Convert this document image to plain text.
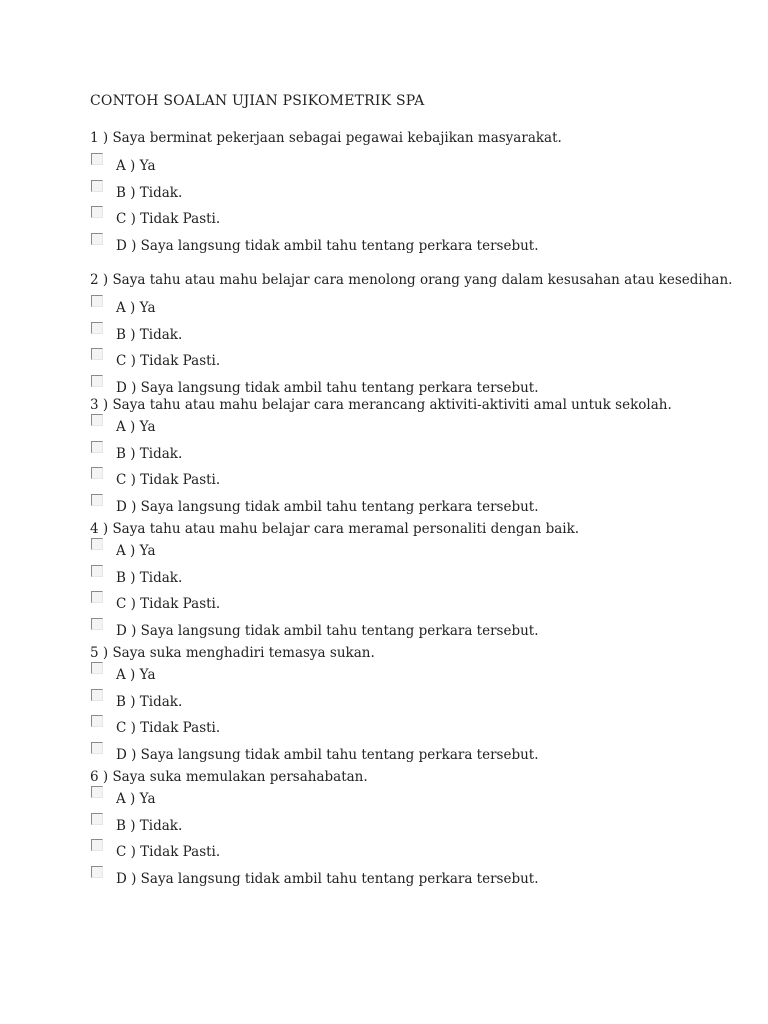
CONTOH SOALAN UJIAN PSIKOMETRIK SPA
1 ) Saya berminat pekerjaan sebagai pegawai kebajikan masyarakat.
A ) Ya
B ) Tidak.
C ) Tidak Pasti.
D ) Saya langsung tidak ambil tahu tentang perkara tersebut.
2 ) Saya tahu atau mahu belajar cara menolong orang yang dalam kesusahan atau kesedihan.
A ) Ya
B ) Tidak.
C ) Tidak Pasti.
D ) Saya langsung tidak ambil tahu tentang perkara tersebut.
3 ) Saya tahu atau mahu belajar cara merancang aktiviti-aktiviti amal untuk sekolah.
A ) Ya
B ) Tidak.
C ) Tidak Pasti.
D ) Saya langsung tidak ambil tahu tentang perkara tersebut.
4 ) Saya tahu atau mahu belajar cara meramal personaliti dengan baik.
A ) Ya
B ) Tidak.
C ) Tidak Pasti.
D ) Saya langsung tidak ambil tahu tentang perkara tersebut.
5 ) Saya suka menghadiri temasya sukan.
A ) Ya
B ) Tidak.
C ) Tidak Pasti.
D ) Saya langsung tidak ambil tahu tentang perkara tersebut.
6 ) Saya suka memulakan persahabatan.
A ) Ya
B ) Tidak.
C ) Tidak Pasti.
D ) Saya langsung tidak ambil tahu tentang perkara tersebut.
